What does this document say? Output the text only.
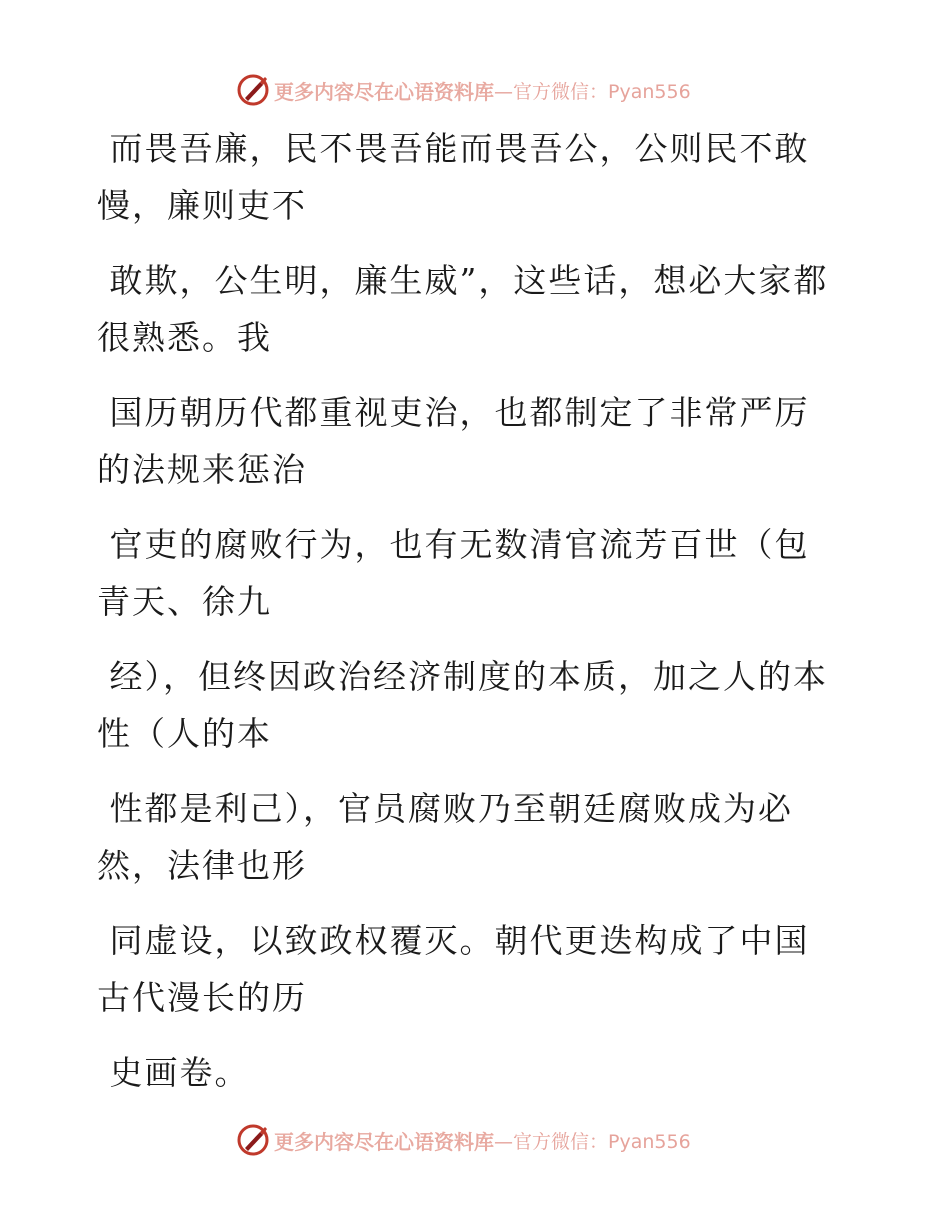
更多内容尽在心语资料库 —官方微信：Pyan556

而畏吾廉，民不畏吾能而畏吾公，公则民不敢慢，廉则吏不

敢欺，公生明，廉生威”，这些话，想必大家都很熟悉。我

国历朝历代都重视吏治，也都制定了非常严厉的法规来惩治

官吏的腐败行为，也有无数清官流芳百世（包青天、徐九

经），但终因政治经济制度的本质，加之人的本性（人的本

性都是利己），官员腐败乃至朝廷腐败成为必然，法律也形

同虚设，以致政权覆灭。朝代更迭构成了中国古代漫长的历

史画卷。

更多内容尽在心语资料库 —官方微信：Pyan556
